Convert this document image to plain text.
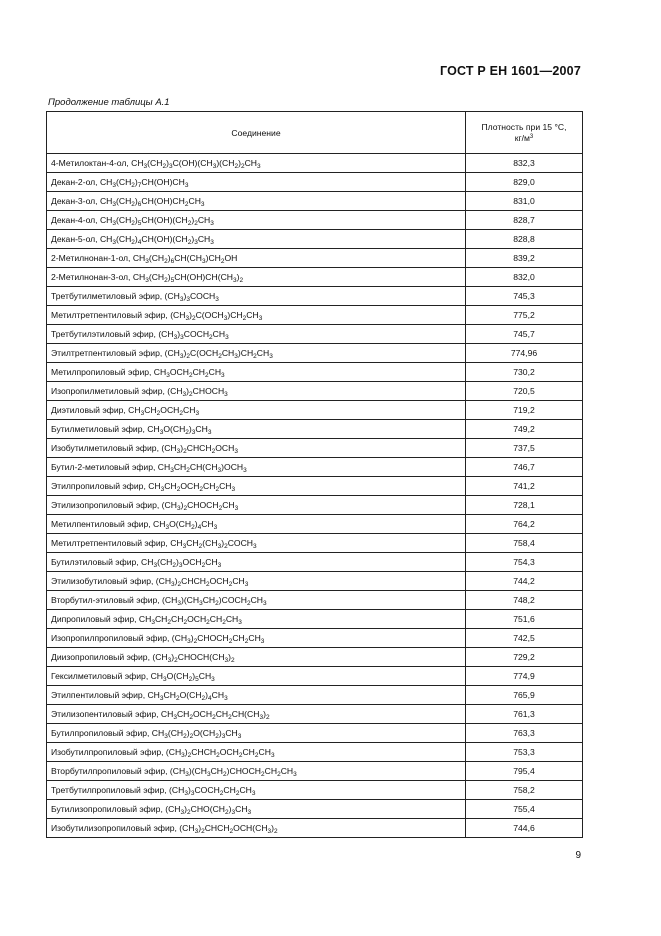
ГОСТ Р ЕН 1601—2007
Продолжение таблицы А.1
Соединение	Плотность при 15 °С,
$кг/м^3$
4-Метилоктан-4-ол, $CH_3(CH_2)_3C(OH)(CH_3)(CH_2)_2CH_3$	832,3
Декан-2-ол, $CH_3(CH_2)_7CH(OH)CH_3$	829,0
Декан-3-ол, $CH_3(CH_2)_6CH(OH)CH_2CH_3$	831,0
Декан-4-ол, $CH_3(CH_2)_5CH(OH)(CH_2)_2CH_3$	828,7
Декан-5-ол, $CH_3(CH_2)_4CH(OH)(CH_2)_3CH_3$	828,8
2-Метилнонан-1-ол, $CH_3(CH_2)_6CH(CH_3)CH_2OH$	839,2
2-Метилнонан-3-ол, $CH_3(CH_2)_5CH(OH)CH(CH_3)_2$	832,0
Третбутилметиловый эфир, $(CH_3)_3COCH_3$	745,3
Метилтретпентиловый эфир, $(CH_3)_2C(OCH_3)CH_2CH_3$	775,2
Третбутилэтиловый эфир, $(CH_3)_3COCH_2CH_3$	745,7
Этилтретпентиловый эфир, $(CH_3)_2C(OCH_2CH_3)CH_2CH_3$	774,96
Метилпропиловый эфир, $CH_3OCH_2CH_2CH_3$	730,2
Изопропилметиловый эфир, $(CH_3)_2CHOCH_3$	720,5
Диэтиловый эфир, $CH_3CH_2OCH_2CH_3$	719,2
Бутилметиловый эфир, $CH_3O(CH_2)_3CH_3$	749,2
Изобутилметиловый эфир, $(CH_3)_2CHCH_2OCH_3$	737,5
Бутил-2-метиловый эфир, $CH_3CH_2CH(CH_3)OCH_3$	746,7
Этилпропиловый эфир, $CH_3CH_2OCH_2CH_2CH_3$	741,2
Этилизопропиловый эфир, $(CH_3)_2CHOCH_2CH_3$	728,1
Метилпентиловый эфир, $CH_3O(CH_2)_4CH_3$	764,2
Метилтретпентиловый эфир, $CH_3CH_2(CH_3)_2COCH_3$	758,4
Бутилэтиловый эфир, $CH_3(CH_2)_3OCH_2CH_3$	754,3
Этилизобутиловый эфир, $(CH_3)_2CHCH_2OCH_2CH_3$	744,2
Вторбутил-этиловый эфир, $(CH_3)(CH_3CH_2)COCH_2CH_3$	748,2
Дипропиловый эфир, $CH_3CH_2CH_2OCH_2CH_2CH_3$	751,6
Изопропилпропиловый эфир, $(CH_3)_2CHOCH_2CH_2CH_3$	742,5
Диизопропиловый эфир, $(CH_3)_2CHOCH(CH_3)_2$	729,2
Гексилметиловый эфир, $CH_3O(CH_2)_5CH_3$	774,9
Этилпентиловый эфир, $CH_3CH_2O(CH_2)_4CH_3$	765,9
Этилизопентиловый эфир, $CH_3CH_2OCH_2CH_2CH(CH_3)_2$	761,3
Бутилпропиловый эфир, $CH_3(CH_2)_2O(CH_2)_3CH_3$	763,3
Изобутилпропиловый эфир, $(CH_3)_2CHCH_2OCH_2CH_2CH_3$	753,3
Вторбутилпропиловый эфир, $(CH_3)(CH_3CH_2)CHOCH_2CH_2CH_3$	795,4
Третбутилпропиловый эфир, $(CH_3)_3COCH_2CH_2CH_3$	758,2
Бутилизопропиловый эфир, $(CH_3)_2CHO(CH_2)_3CH_3$	755,4
Изобутилизопропиловый эфир, $(CH_3)_2CHCH_2OCH(CH_3)_2$	744,6
9
